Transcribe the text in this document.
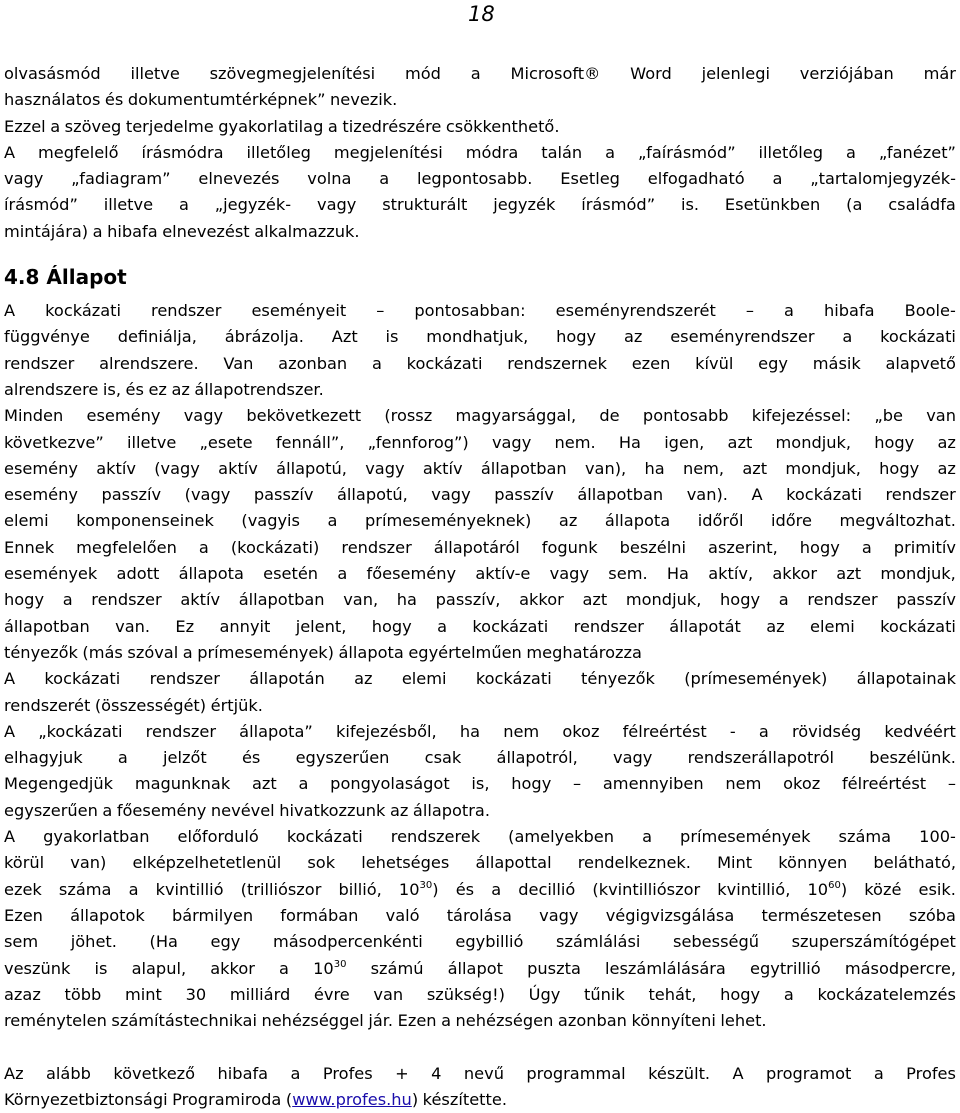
18
olvasásmód illetve szövegmegjelenítési mód a Microsoft® Word jelenlegi verziójában már
használatos és dokumentumtérképnek” nevezik.
Ezzel a szöveg terjedelme gyakorlatilag a tizedrészére csökkenthető.
A megfelelő írásmódra illetőleg megjelenítési módra talán a „faírásmód” illetőleg a „fanézet”
vagy „fadiagram” elnevezés volna a legpontosabb. Esetleg elfogadható a „tartalomjegyzék-
írásmód” illetve a „jegyzék- vagy strukturált jegyzék írásmód” is. Esetünkben (a családfa
mintájára) a hibafa elnevezést alkalmazzuk.
4.8 Állapot
A kockázati rendszer eseményeit – pontosabban: eseményrendszerét – a hibafa Boole-
függvénye definiálja, ábrázolja. Azt is mondhatjuk, hogy az eseményrendszer a kockázati
rendszer alrendszere. Van azonban a kockázati rendszernek ezen kívül egy másik alapvető
alrendszere is, és ez az állapotrendszer.
Minden esemény vagy bekövetkezett (rossz magyarsággal, de pontosabb kifejezéssel: „be van
következve” illetve „esete fennáll”, „fennforog”) vagy nem. Ha igen, azt mondjuk, hogy az
esemény aktív (vagy aktív állapotú, vagy aktív állapotban van), ha nem, azt mondjuk, hogy az
esemény passzív (vagy passzív állapotú, vagy passzív állapotban van). A kockázati rendszer
elemi komponenseinek (vagyis a prímeseményeknek) az állapota időről időre megváltozhat.
Ennek megfelelően a (kockázati) rendszer állapotáról fogunk beszélni aszerint, hogy a primitív
események adott állapota esetén a főesemény aktív-e vagy sem. Ha aktív, akkor azt mondjuk,
hogy a rendszer aktív állapotban van, ha passzív, akkor azt mondjuk, hogy a rendszer passzív
állapotban van. Ez annyit jelent, hogy a kockázati rendszer állapotát az elemi kockázati
tényezők (más szóval a prímesemények) állapota egyértelműen meghatározza
A kockázati rendszer állapotán az elemi kockázati tényezők (prímesemények) állapotainak
rendszerét (összességét) értjük.
A „kockázati rendszer állapota” kifejezésből, ha nem okoz félreértést - a rövidség kedvéért
elhagyjuk a jelzőt és egyszerűen csak állapotról, vagy rendszerállapotról beszélünk.
Megengedjük magunknak azt a pongyolaságot is, hogy – amennyiben nem okoz félreértést –
egyszerűen a főesemény nevével hivatkozzunk az állapotra.
A gyakorlatban előforduló kockázati rendszerek (amelyekben a prímesemények száma 100-
körül van) elképzelhetetlenül sok lehetséges állapottal rendelkeznek. Mint könnyen belátható,
ezek száma a kvintillió (trilliószor billió, $10^{30}$) és a decillió (kvintilliószor kvintillió, $10^{60}$) közé esik.
Ezen állapotok bármilyen formában való tárolása vagy végigvizsgálása természetesen szóba
sem jöhet. (Ha egy másodpercenkénti egybillió számlálási sebességű szuperszámítógépet
veszünk is alapul, akkor a $10^{30}$ számú állapot puszta leszámlálására egytrillió másodpercre,
azaz több mint 30 milliárd évre van szükség!) Úgy tűnik tehát, hogy a kockázatelemzés
reménytelen számítástechnikai nehézséggel jár. Ezen a nehézségen azonban könnyíteni lehet.
Az alább következő hibafa a Profes + 4 nevű programmal készült. A programot a Profes
Környezetbiztonsági Programiroda (www.profes.hu) készítette.
